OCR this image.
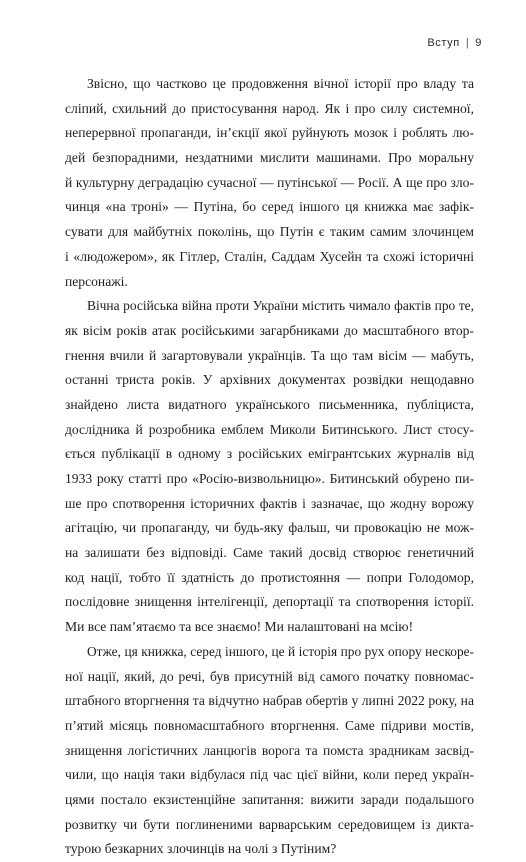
Вступ | 9
Звісно, що частково це продовження вічної історії про владу та
сліпий, схильний до пристосування народ. Як і про силу системної,
неперервної пропаганди, ін’єкції якої руйнують мозок і роблять лю-
дей безпорадними, нездатними мислити машинами. Про моральну
й культурну деградацію сучасної — путінської — Росії. А ще про зло-
чинця «на троні» — Путіна, бо серед іншого ця книжка має зафік-
сувати для майбутніх поколінь, що Путін є таким самим злочинцем
і «людожером», як Гітлер, Сталін, Саддам Хусейн та схожі історичні
персонажі.
Вічна російська війна проти України містить чимало фактів про те,
як вісім років атак російськими загарбниками до масштабного втор-
гнення вчили й загартовували українців. Та що там вісім — мабуть,
останні триста років. У архівних документах розвідки нещодавно
знайдено листа видатного українського письменника, публіциста,
дослідника й розробника емблем Миколи Битинського. Лист стосу-
ється публікації в одному з російських емігрантських журналів від
1933 року статті про «Росію-визвольницю». Битинський обурено пи-
ше про спотворення історичних фактів і зазначає, що жодну ворожу
агітацію, чи пропаганду, чи будь-яку фальш, чи провокацію не мож-
на залишати без відповіді. Саме такий досвід створює генетичний
код нації, тобто її здатність до протистояння — попри Голодомор,
послідовне знищення інтелігенції, депортації та спотворення історії.
Ми все пам’ятаємо та все знаємо! Ми налаштовані на мсію!
Отже, ця книжка, серед іншого, це й історія про рух опору нескоре-
ної нації, який, до речі, був присутній від самого початку повномас-
штабного вторгнення та відчутно набрав обертів у липні 2022 року, на
п’ятий місяць повномасштабного вторгнення. Саме підриви мостів,
знищення логістичних ланцюгів ворога та помста зрадникам засвід-
чили, що нація таки відбулася під час цієї війни, коли перед україн-
цями постало екзистенційне запитання: вижити заради подальшого
розвитку чи бути поглиненими варварським середовищем із дикта-
турою безкарних злочинців на чолі з Путіним?
